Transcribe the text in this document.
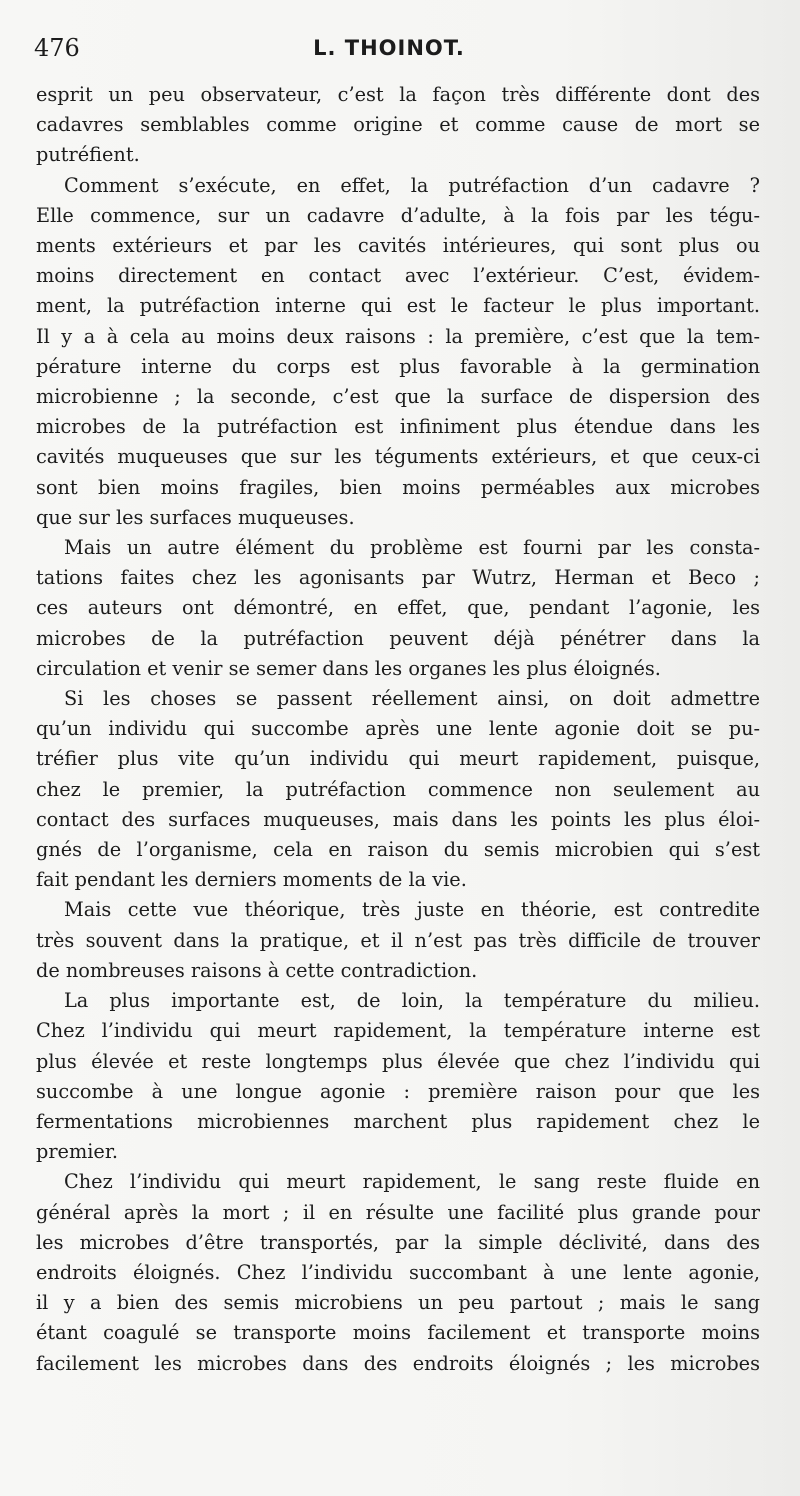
476	L. THOINOT.
esprit un peu observateur, c’est la façon très différente dont des
cadavres semblables comme origine et comme cause de mort se
putréfient.
Comment s’exécute, en effet, la putréfaction d’un cadavre ?
Elle commence, sur un cadavre d’adulte, à la fois par les tégu-
ments extérieurs et par les cavités intérieures, qui sont plus ou
moins directement en contact avec l’extérieur. C’est, évidem-
ment, la putréfaction interne qui est le facteur le plus important.
Il y a à cela au moins deux raisons : la première, c’est que la tem-
pérature interne du corps est plus favorable à la germination
microbienne ; la seconde, c’est que la surface de dispersion des
microbes de la putréfaction est infiniment plus étendue dans les
cavités muqueuses que sur les téguments extérieurs, et que ceux-ci
sont bien moins fragiles, bien moins perméables aux microbes
que sur les surfaces muqueuses.
Mais un autre élément du problème est fourni par les consta-
tations faites chez les agonisants par Wutrz, Herman et Beco ;
ces auteurs ont démontré, en effet, que, pendant l’agonie, les
microbes de la putréfaction peuvent déjà pénétrer dans la
circulation et venir se semer dans les organes les plus éloignés.
Si les choses se passent réellement ainsi, on doit admettre
qu’un individu qui succombe après une lente agonie doit se pu-
tréfier plus vite qu’un individu qui meurt rapidement, puisque,
chez le premier, la putréfaction commence non seulement au
contact des surfaces muqueuses, mais dans les points les plus éloi-
gnés de l’organisme, cela en raison du semis microbien qui s’est
fait pendant les derniers moments de la vie.
Mais cette vue théorique, très juste en théorie, est contredite
très souvent dans la pratique, et il n’est pas très difficile de trouver
de nombreuses raisons à cette contradiction.
La plus importante est, de loin, la température du milieu.
Chez l’individu qui meurt rapidement, la température interne est
plus élevée et reste longtemps plus élevée que chez l’individu qui
succombe à une longue agonie : première raison pour que les
fermentations microbiennes marchent plus rapidement chez le
premier.
Chez l’individu qui meurt rapidement, le sang reste fluide en
général après la mort ; il en résulte une facilité plus grande pour
les microbes d’être transportés, par la simple déclivité, dans des
endroits éloignés. Chez l’individu succombant à une lente agonie,
il y a bien des semis microbiens un peu partout ; mais le sang
étant coagulé se transporte moins facilement et transporte moins
facilement les microbes dans des endroits éloignés ; les microbes
